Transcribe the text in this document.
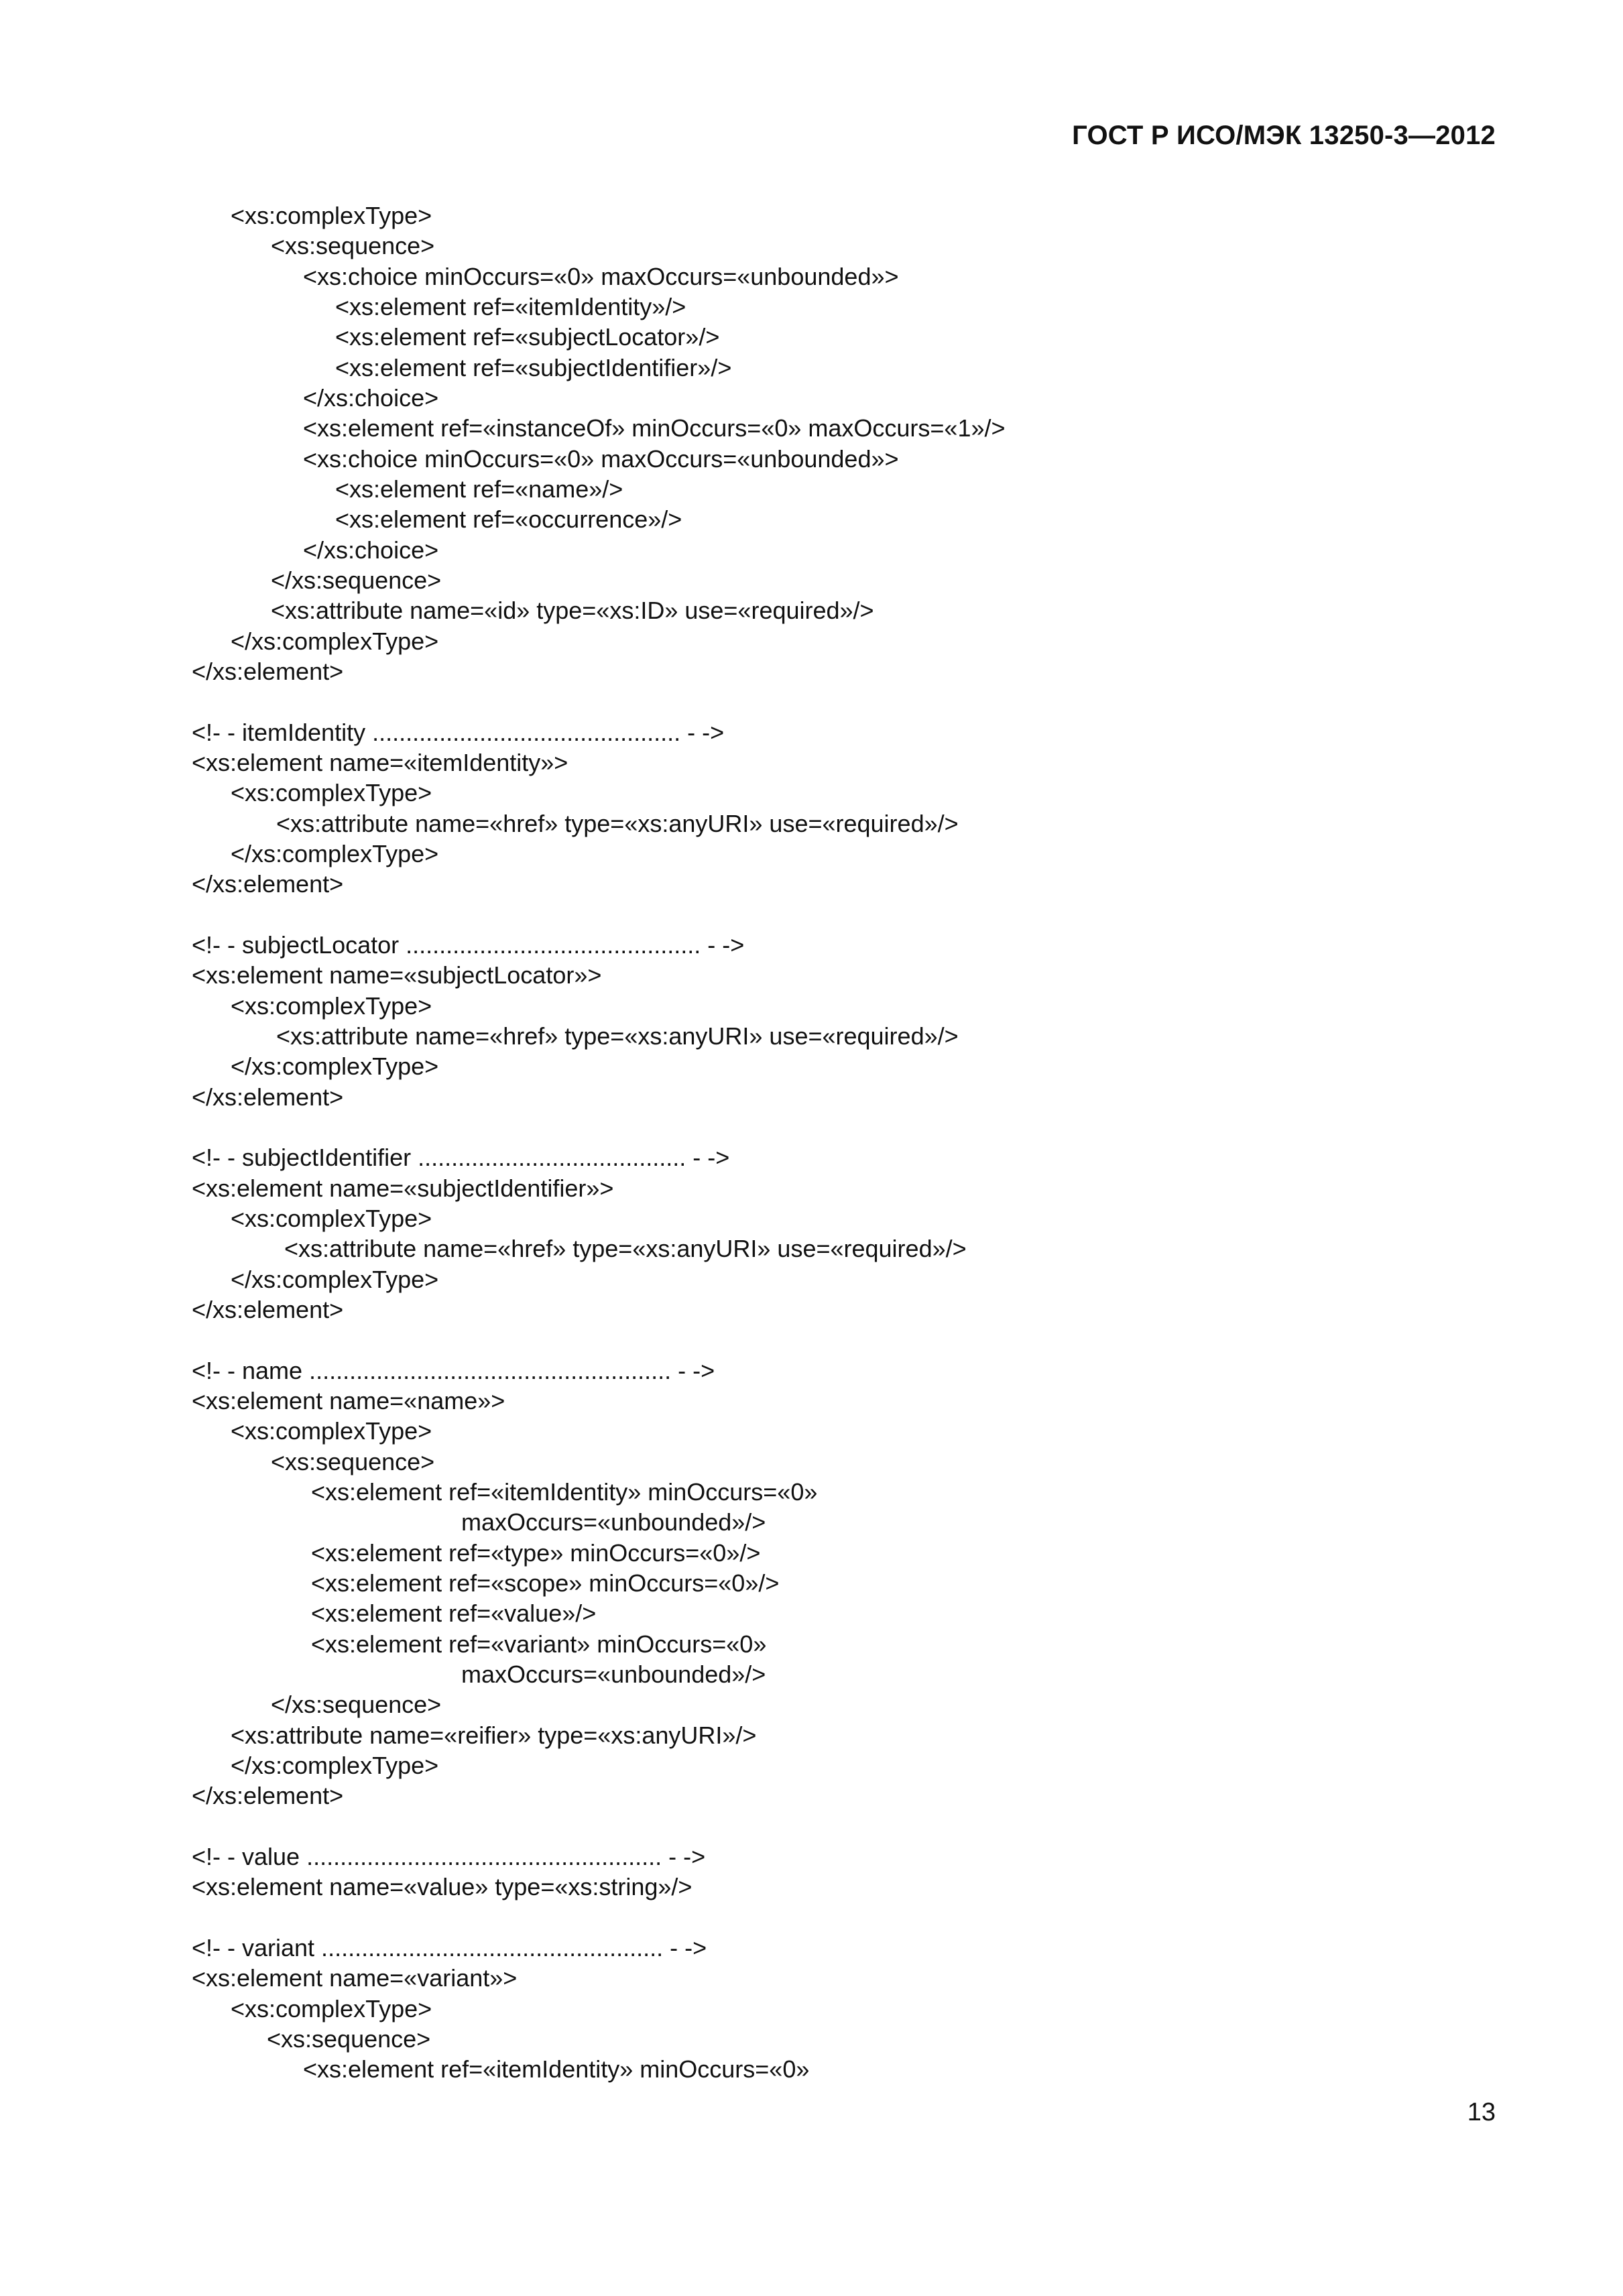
ГОСТ Р ИСО/МЭК 13250-3—2012
<xs:complexType>
<xs:sequence>
<xs:choice minOccurs=«0» maxOccurs=«unbounded»>
<xs:element ref=«itemIdentity»/>
<xs:element ref=«subjectLocator»/>
<xs:element ref=«subjectIdentifier»/>
</xs:choice>
<xs:element ref=«instanceOf» minOccurs=«0» maxOccurs=«1»/>
<xs:choice minOccurs=«0» maxOccurs=«unbounded»>
<xs:element ref=«name»/>
<xs:element ref=«occurrence»/>
</xs:choice>
</xs:sequence>
<xs:attribute name=«id» type=«xs:ID» use=«required»/>
</xs:complexType>
</xs:element>
<!- - itemIdentity .............................................. - ->
<xs:element name=«itemIdentity»>
<xs:complexType>
<xs:attribute name=«href» type=«xs:anyURI» use=«required»/>
</xs:complexType>
</xs:element>
<!- - subjectLocator ............................................ - ->
<xs:element name=«subjectLocator»>
<xs:complexType>
<xs:attribute name=«href» type=«xs:anyURI» use=«required»/>
</xs:complexType>
</xs:element>
<!- - subjectIdentifier ........................................ - ->
<xs:element name=«subjectIdentifier»>
<xs:complexType>
<xs:attribute name=«href» type=«xs:anyURI» use=«required»/>
</xs:complexType>
</xs:element>
<!- - name ...................................................... - ->
<xs:element name=«name»>
<xs:complexType>
<xs:sequence>
<xs:element ref=«itemIdentity» minOccurs=«0»
maxOccurs=«unbounded»/>
<xs:element ref=«type» minOccurs=«0»/>
<xs:element ref=«scope» minOccurs=«0»/>
<xs:element ref=«value»/>
<xs:element ref=«variant» minOccurs=«0»
maxOccurs=«unbounded»/>
</xs:sequence>
<xs:attribute name=«reifier» type=«xs:anyURI»/>
</xs:complexType>
</xs:element>
<!- - value ..................................................... - ->
<xs:element name=«value» type=«xs:string»/>
<!- - variant ................................................... - ->
<xs:element name=«variant»>
<xs:complexType>
<xs:sequence>
<xs:element ref=«itemIdentity» minOccurs=«0»
13
